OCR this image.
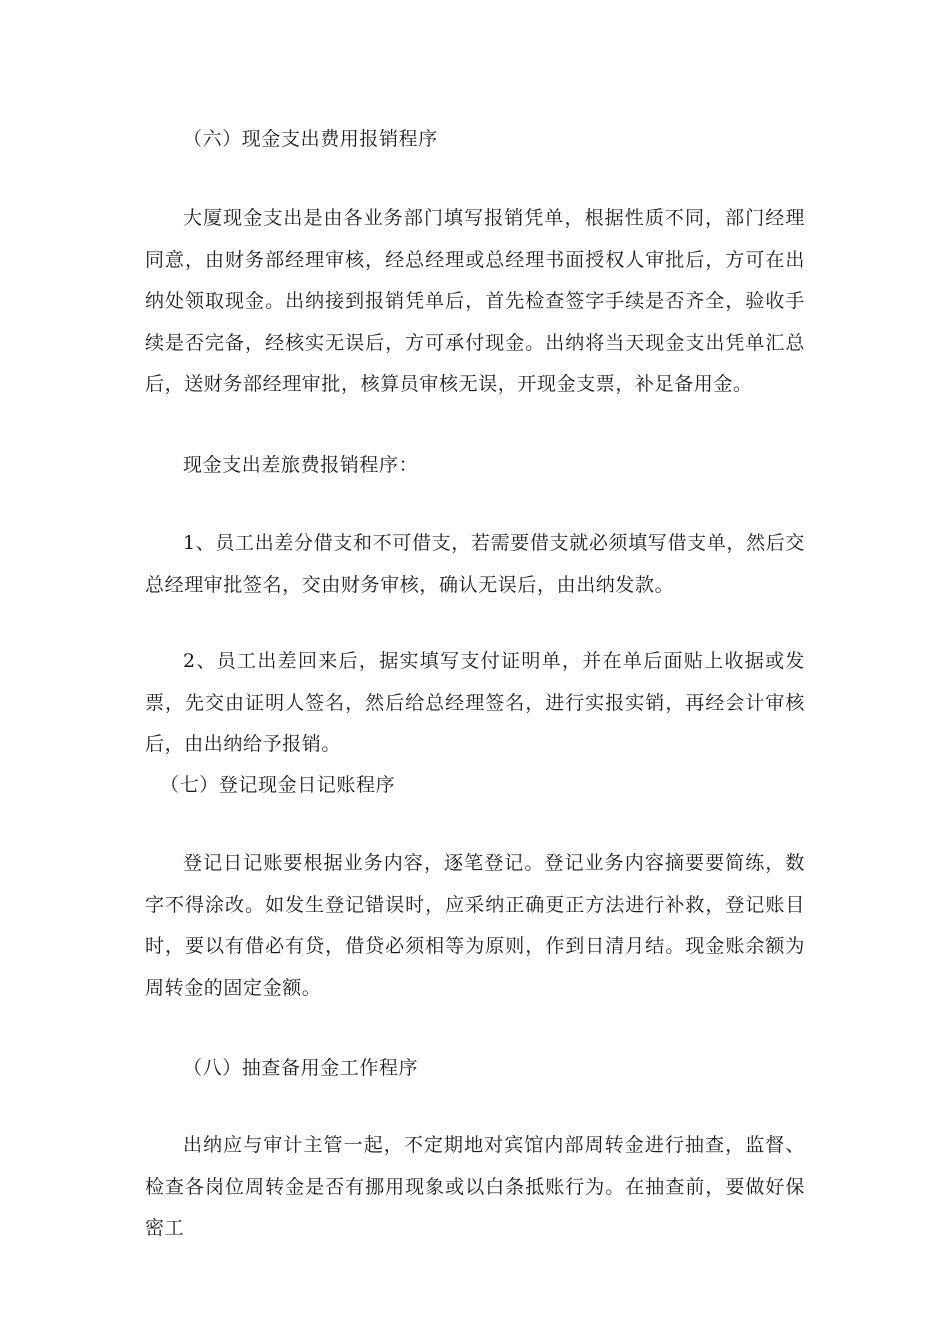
（六）现金支出费用报销程序
大厦现金支出是由各业务部门填写报销凭单，根据性质不同，部门经理同意，由财务部经理审核，经总经理或总经理书面授权人审批后，方可在出纳处领取现金。出纳接到报销凭单后，首先检查签字手续是否齐全，验收手续是否完备，经核实无误后，方可承付现金。出纳将当天现金支出凭单汇总后，送财务部经理审批，核算员审核无误，开现金支票，补足备用金。
现金支出差旅费报销程序：
1、员工出差分借支和不可借支，若需要借支就必须填写借支单，然后交总经理审批签名，交由财务审核，确认无误后，由出纳发款。
2、员工出差回来后，据实填写支付证明单，并在单后面贴上收据或发票，先交由证明人签名，然后给总经理签名，进行实报实销，再经会计审核后，由出纳给予报销。
（七）登记现金日记账程序
登记日记账要根据业务内容，逐笔登记。登记业务内容摘要要简练，数字不得涂改。如发生登记错误时，应采纳正确更正方法进行补救，登记账目时，要以有借必有贷，借贷必须相等为原则，作到日清月结。现金账余额为周转金的固定金额。
（八）抽查备用金工作程序
出纳应与审计主管一起，不定期地对宾馆内部周转金进行抽查，监督、检查各岗位周转金是否有挪用现象或以白条抵账行为。在抽查前，要做好保密工
